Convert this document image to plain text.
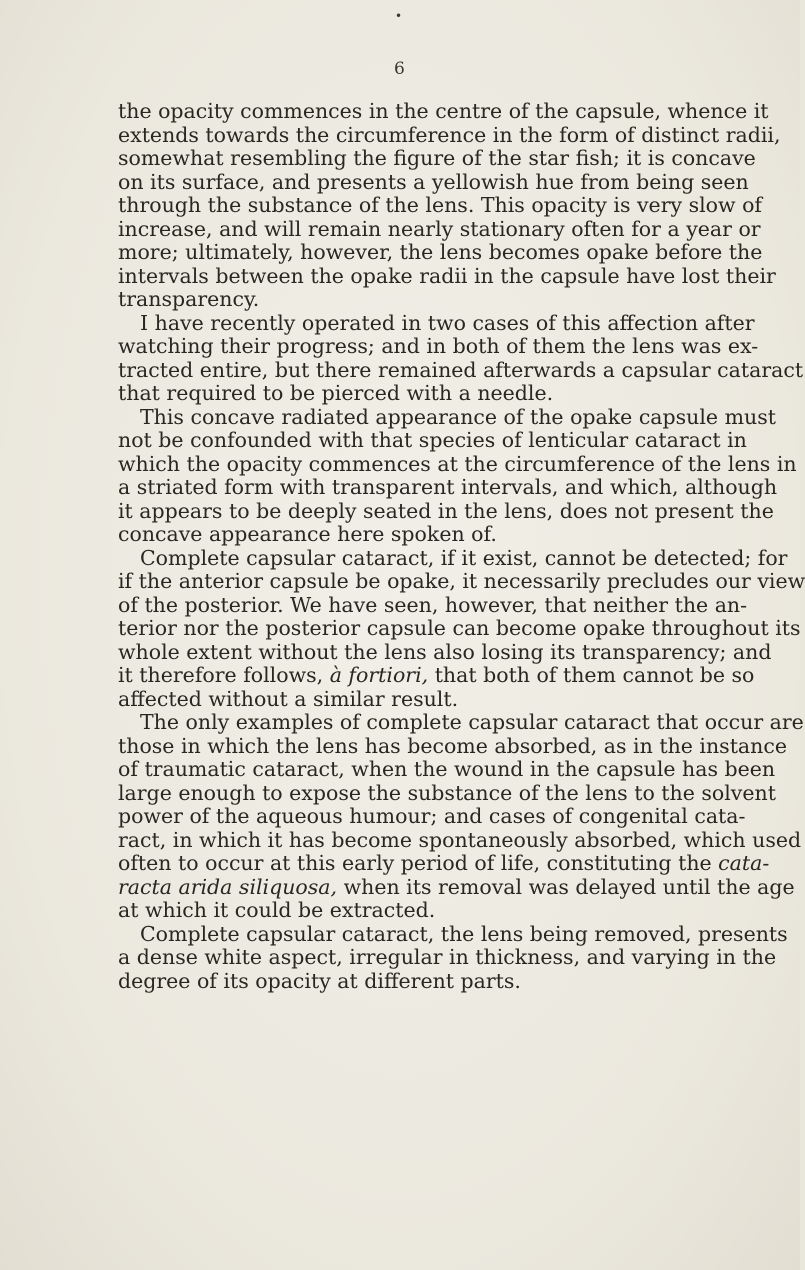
•
6
the opacity commences in the centre of the capsule, whence it
extends towards the circumference in the form of distinct radii,
somewhat resembling the figure of the star fish; it is concave
on its surface, and presents a yellowish hue from being seen
through the substance of the lens. This opacity is very slow of
increase, and will remain nearly stationary often for a year or
more; ultimately, however, the lens becomes opake before the
intervals between the opake radii in the capsule have lost their
transparency.
I have recently operated in two cases of this affection after
watching their progress; and in both of them the lens was ex-
tracted entire, but there remained afterwards a capsular cataract
that required to be pierced with a needle.
This concave radiated appearance of the opake capsule must
not be confounded with that species of lenticular cataract in
which the opacity commences at the circumference of the lens in
a striated form with transparent intervals, and which, although
it appears to be deeply seated in the lens, does not present the
concave appearance here spoken of.
Complete capsular cataract, if it exist, cannot be detected; for
if the anterior capsule be opake, it necessarily precludes our view
of the posterior. We have seen, however, that neither the an-
terior nor the posterior capsule can become opake throughout its
whole extent without the lens also losing its transparency; and
it therefore follows, à fortiori, that both of them cannot be so
affected without a similar result.
The only examples of complete capsular cataract that occur are
those in which the lens has become absorbed, as in the instance
of traumatic cataract, when the wound in the capsule has been
large enough to expose the substance of the lens to the solvent
power of the aqueous humour; and cases of congenital cata-
ract, in which it has become spontaneously absorbed, which used
often to occur at this early period of life, constituting the cata-
racta arida siliquosa, when its removal was delayed until the age
at which it could be extracted.
Complete capsular cataract, the lens being removed, presents
a dense white aspect, irregular in thickness, and varying in the
degree of its opacity at different parts.
